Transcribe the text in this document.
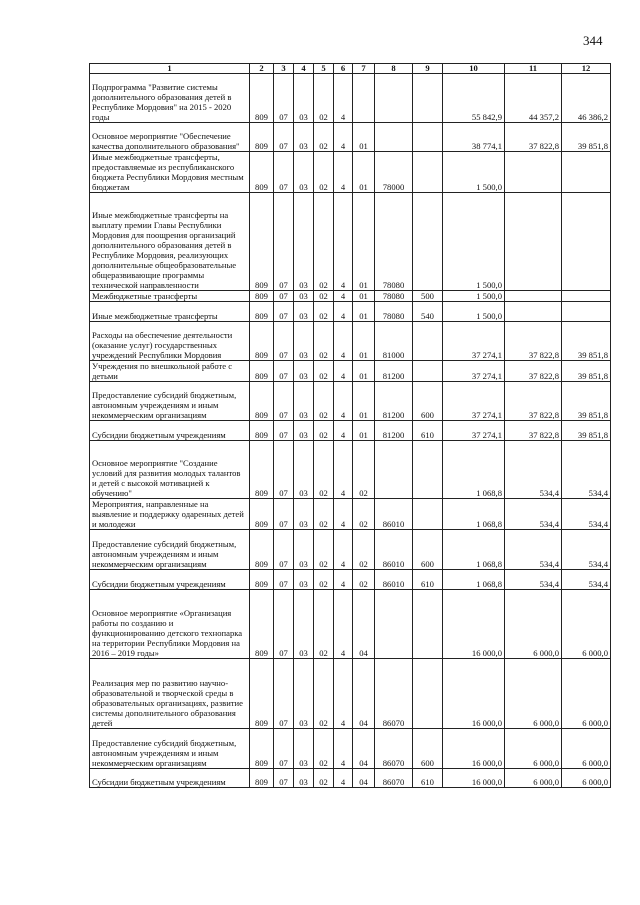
344
1	2	3	4	5	6	7	8	9	10	11	12
Подпрограмма "Развитие системы дополнительного образования детей в Республике Мордовия" на 2015 - 2020 годы	809	07	03	02	4				55 842,9	44 357,2	46 386,2
Основное мероприятие "Обеспечение качества дополнительного образования"	809	07	03	02	4	01			38 774,1	37 822,8	39 851,8
Иные межбюджетные трансферты, предоставляемые из республиканского бюджета Республики Мордовия местным бюджетам	809	07	03	02	4	01	78000		1 500,0		
Иные межбюджетные трансферты на выплату премии Главы Республики Мордовия для поощрения организаций дополнительного образования детей в Республике Мордовия, реализующих дополнительные общеобразовательные общеразвивающие программы технической направленности	809	07	03	02	4	01	78080		1 500,0		
Межбюджетные трансферты	809	07	03	02	4	01	78080	500	1 500,0		
Иные межбюджетные трансферты	809	07	03	02	4	01	78080	540	1 500,0		
Расходы на обеспечение деятельности (оказание услуг) государственных учреждений Республики Мордовия	809	07	03	02	4	01	81000		37 274,1	37 822,8	39 851,8
Учреждения по внешкольной работе с детьми	809	07	03	02	4	01	81200		37 274,1	37 822,8	39 851,8
Предоставление субсидий бюджетным, автономным учреждениям и иным некоммерческим организациям	809	07	03	02	4	01	81200	600	37 274,1	37 822,8	39 851,8
Субсидии бюджетным учреждениям	809	07	03	02	4	01	81200	610	37 274,1	37 822,8	39 851,8
Основное мероприятие "Создание условий для развития молодых талантов и детей с высокой мотивацией к обучению"	809	07	03	02	4	02			1 068,8	534,4	534,4
Мероприятия, направленные на выявление и поддержку одаренных детей и молодежи	809	07	03	02	4	02	86010		1 068,8	534,4	534,4
Предоставление субсидий бюджетным, автономным учреждениям и иным некоммерческим организациям	809	07	03	02	4	02	86010	600	1 068,8	534,4	534,4
Субсидии бюджетным учреждениям	809	07	03	02	4	02	86010	610	1 068,8	534,4	534,4
Основное мероприятие «Организация работы по созданию и функционированию детского технопарка на территории Республики Мордовия на 2016 – 2019 годы»	809	07	03	02	4	04			16 000,0	6 000,0	6 000,0
Реализация мер по развитию научно-образовательной и творческой среды в образовательных организациях, развитие системы дополнительного образования детей	809	07	03	02	4	04	86070		16 000,0	6 000,0	6 000,0
Предоставление субсидий бюджетным, автономным учреждениям и иным некоммерческим организациям	809	07	03	02	4	04	86070	600	16 000,0	6 000,0	6 000,0
Субсидии бюджетным учреждениям	809	07	03	02	4	04	86070	610	16 000,0	6 000,0	6 000,0
